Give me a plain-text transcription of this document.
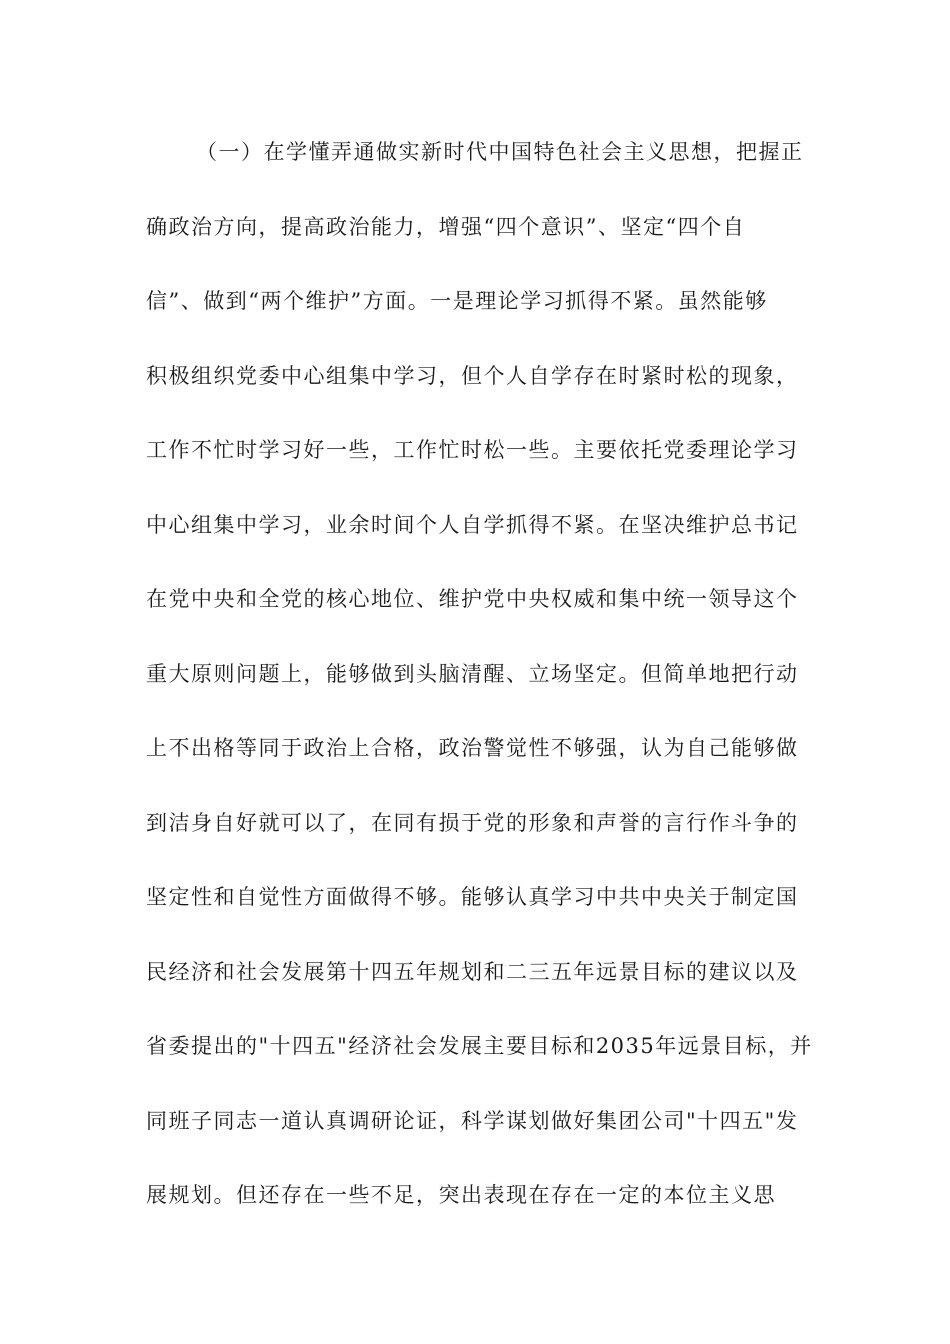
（一）在学懂弄通做实新时代中国特色社会主义思想，把握正
确政治方向，提高政治能力，增强“四个意识”、坚定“四个自
信”、做到“两个维护”方面。一是理论学习抓得不紧。虽然能够
积极组织党委中心组集中学习，但个人自学存在时紧时松的现象，
工作不忙时学习好一些，工作忙时松一些。主要依托党委理论学习
中心组集中学习，业余时间个人自学抓得不紧。在坚决维护总书记
在党中央和全党的核心地位、维护党中央权威和集中统一领导这个
重大原则问题上，能够做到头脑清醒、立场坚定。但简单地把行动
上不出格等同于政治上合格，政治警觉性不够强，认为自己能够做
到洁身自好就可以了，在同有损于党的形象和声誉的言行作斗争的
坚定性和自觉性方面做得不够。能够认真学习中共中央关于制定国
民经济和社会发展第十四五年规划和二三五年远景目标的建议以及
省委提出的"十四五"经济社会发展主要目标和2035年远景目标，并
同班子同志一道认真调研论证，科学谋划做好集团公司"十四五"发
展规划。但还存在一些不足，突出表现在存在一定的本位主义思
